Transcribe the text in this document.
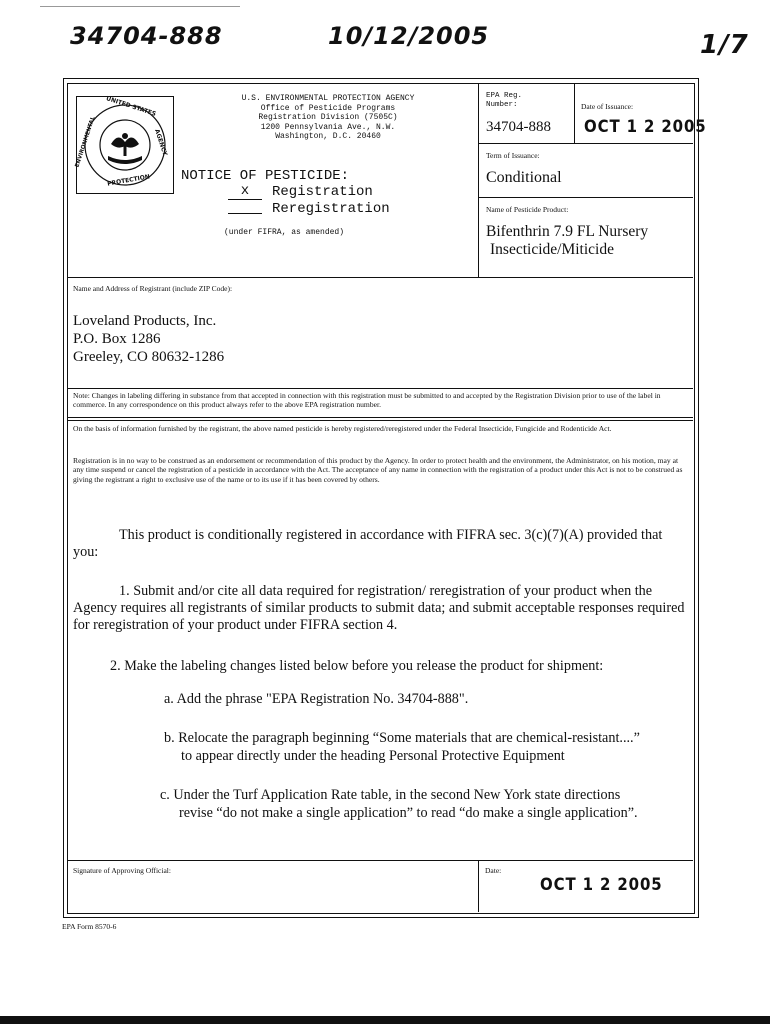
34704-888	10/12/2005	1/7
UNITED STATES
ENVIRONMENTAL	AGENCY
PROTECTION
U.S. ENVIRONMENTAL PROTECTION AGENCY
Office of Pesticide Programs
Registration Division (7505C)
1200 Pennsylvania Ave., N.W.
Washington, D.C. 20460
NOTICE OF PESTICIDE:
x	Registration
Reregistration
(under FIFRA, as amended)
EPA Reg. Number:
34704-888
Date of Issuance:
OCT 1 2 2005
Term of Issuance:
Conditional
Name of Pesticide Product:
Bifenthrin 7.9 FL Nursery
Insecticide/Miticide
Name and Address of Registrant (include ZIP Code):
Loveland Products, Inc.
P.O. Box 1286
Greeley, CO 80632-1286
Note: Changes in labeling differing in substance from that accepted in connection with this registration must be submitted to and accepted by the Registration Division prior to use of the label in commerce. In any correspondence on this product always refer to the above EPA registration number.
On the basis of information furnished by the registrant, the above named pesticide is hereby registered/reregistered under the Federal Insecticide, Fungicide and Rodenticide Act.
Registration is in no way to be construed as an endorsement or recommendation of this product by the Agency. In order to protect health and the environment, the Administrator, on his motion, may at any time suspend or cancel the registration of a pesticide in accordance with the Act. The acceptance of any name in connection with the registration of a product under this Act is not to be construed as giving the registrant a right to exclusive use of the name or to its use if it has been covered by others.
This product is conditionally registered in accordance with FIFRA sec. 3(c)(7)(A) provided that you:
1. Submit and/or cite all data required for registration/ reregistration of your product when the Agency requires all registrants of similar products to submit data; and submit acceptable responses required for reregistration of your product under FIFRA section 4.
2. Make the labeling changes listed below before you release the product for shipment:
a. Add the phrase "EPA Registration No. 34704-888".
b. Relocate the paragraph beginning “Some materials that are chemical-resistant....”
to appear directly under the heading Personal Protective Equipment
c. Under the Turf Application Rate table, in the second New York state directions
revise “do not make a single application” to read “do make a single application”.
Signature of Approving Official:	Date:
OCT 1 2 2005
EPA Form 8570-6
